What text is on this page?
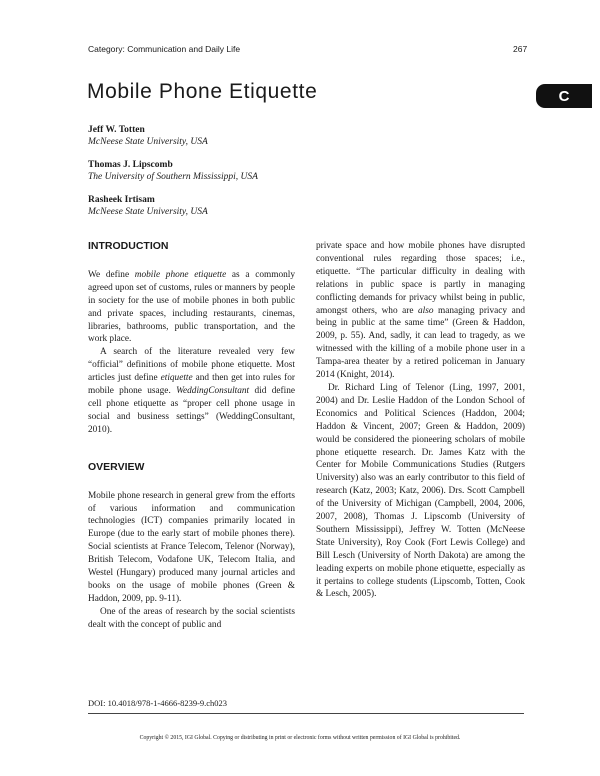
Category: Communication and Daily Life	267
Mobile Phone Etiquette	C
Jeff W. Totten
McNeese State University, USA
Thomas J. Lipscomb
The University of Southern Mississippi, USA
Rasheek Irtisam
McNeese State University, USA

INTRODUCTION

We define mobile phone etiquette as a commonly agreed upon set of customs, rules or manners by people in society for the use of mobile phones in both public and private spaces, including restaurants, cinemas, libraries, bathrooms, public transportation, and the work place.

A search of the literature revealed very few “official” definitions of mobile phone etiquette. Most articles just define etiquette and then get into rules for mobile phone usage. WeddingConsultant did define cell phone etiquette as “proper cell phone usage in social and business settings” (WeddingConsultant, 2010).

OVERVIEW

Mobile phone research in general grew from the efforts of various information and communication technologies (ICT) companies primarily located in Europe (due to the early start of mobile phones there). Social scientists at France Telecom, Telenor (Norway), British Telecom, Vodafone UK, Telecom Italia, and Westel (Hungary) produced many journal articles and books on the usage of mobile phones (Green & Haddon, 2009, pp. 9-11).

One of the areas of research by the social scientists dealt with the concept of public and

private space and how mobile phones have disrupted conventional rules regarding those spaces; i.e., etiquette. “The particular difficulty in dealing with relations in public space is partly in managing conflicting demands for privacy whilst being in public, amongst others, who are also managing privacy and being in public at the same time” (Green & Haddon, 2009, p. 55). And, sadly, it can lead to tragedy, as we witnessed with the killing of a mobile phone user in a Tampa-area theater by a retired policeman in January 2014 (Knight, 2014).

Dr. Richard Ling of Telenor (Ling, 1997, 2001, 2004) and Dr. Leslie Haddon of the London School of Economics and Political Sciences (Haddon, 2004; Haddon & Vincent, 2007; Green & Haddon, 2009) would be considered the pioneering scholars of mobile phone etiquette research. Dr. James Katz with the Center for Mobile Communications Studies (Rutgers University) also was an early contributor to this field of research (Katz, 2003; Katz, 2006). Drs. Scott Campbell of the University of Michigan (Campbell, 2004, 2006, 2007, 2008), Thomas J. Lipscomb (University of Southern Mississippi), Jeffrey W. Totten (McNeese State University), Roy Cook (Fort Lewis College) and Bill Lesch (University of North Dakota) are among the leading experts on mobile phone etiquette, especially as it pertains to college students (Lipscomb, Totten, Cook & Lesch, 2005).

DOI: 10.4018/978-1-4666-8239-9.ch023
Copyright © 2015, IGI Global. Copying or distributing in print or electronic forms without written permission of IGI Global is prohibited.
